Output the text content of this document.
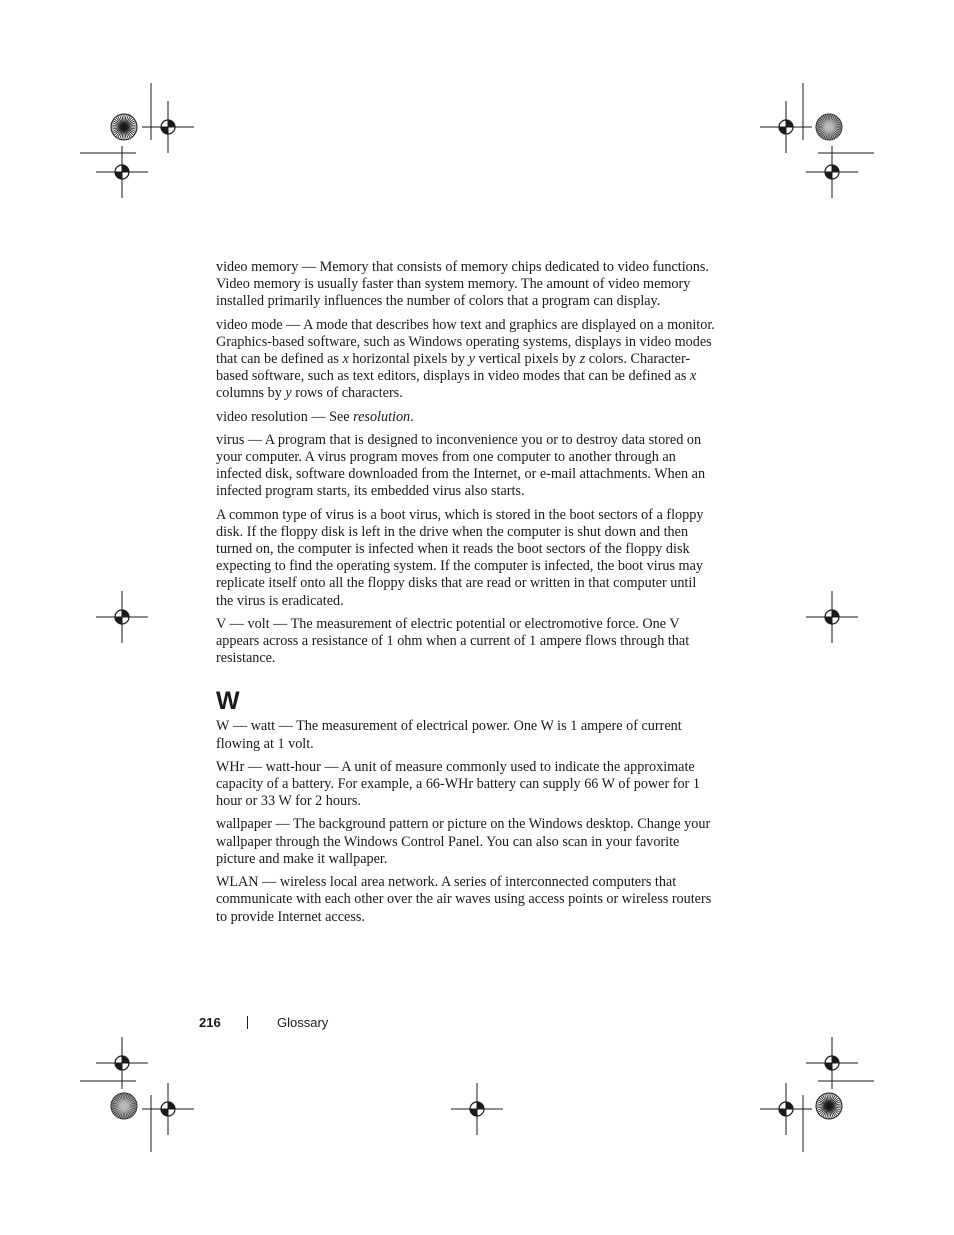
video memory — Memory that consists of memory chips dedicated to video functions. Video memory is usually faster than system memory. The amount of video memory installed primarily influences the number of colors that a program can display.

video mode — A mode that describes how text and graphics are displayed on a monitor. Graphics-based software, such as Windows operating systems, displays in video modes that can be defined as x horizontal pixels by y vertical pixels by z colors. Character-based software, such as text editors, displays in video modes that can be defined as x columns by y rows of characters.

video resolution — See resolution.

virus — A program that is designed to inconvenience you or to destroy data stored on your computer. A virus program moves from one computer to another through an infected disk, software downloaded from the Internet, or e-mail attachments. When an infected program starts, its embedded virus also starts.

A common type of virus is a boot virus, which is stored in the boot sectors of a floppy disk. If the floppy disk is left in the drive when the computer is shut down and then turned on, the computer is infected when it reads the boot sectors of the floppy disk expecting to find the operating system. If the computer is infected, the boot virus may replicate itself onto all the floppy disks that are read or written in that computer until the virus is eradicated.

V — volt — The measurement of electric potential or electromotive force. One V appears across a resistance of 1 ohm when a current of 1 ampere flows through that resistance.

W

W — watt — The measurement of electrical power. One W is 1 ampere of current flowing at 1 volt.

WHr — watt-hour — A unit of measure commonly used to indicate the approximate capacity of a battery. For example, a 66-WHr battery can supply 66 W of power for 1 hour or 33 W for 2 hours.

wallpaper — The background pattern or picture on the Windows desktop. Change your wallpaper through the Windows Control Panel. You can also scan in your favorite picture and make it wallpaper.

WLAN — wireless local area network. A series of interconnected computers that communicate with each other over the air waves using access points or wireless routers to provide Internet access.

216	Glossary
